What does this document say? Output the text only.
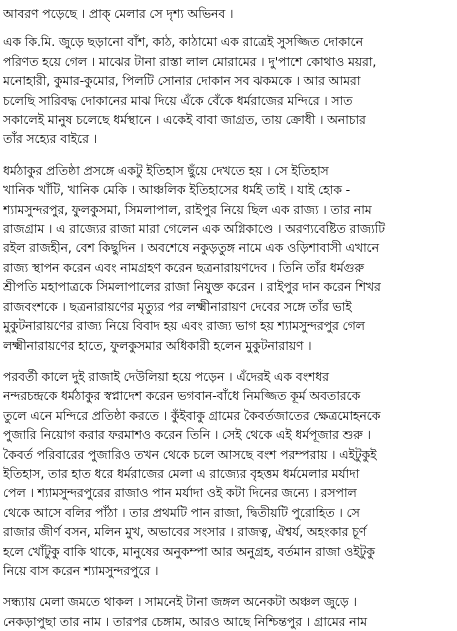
আবরণ পড়েছে । প্রাক্‌ মেলার সে দৃশ্য অভিনব ।

এক কি.মি. জুড়ে ছড়ানো বাঁশ, কাঠ, কাঠামো এক রাত্রেই সুসজ্জিত দোকানে
পরিণত হয়ে গেল । মাঝের টানা রাস্তা লাল মোরামের । দু'পাশে কোথাও ময়রা,
মনোহারী, কুমার-কুমোর, পিলটি সোনার দোকান সব ঝকমকে । আর আমরা
চলেছি সারিবদ্ধ দোকানের মাঝ দিয়ে এঁকে বেঁকে ধর্মরাজের মন্দিরে । সাত
সকালেই মানুষ চলেছে ধর্মস্থানে । একেই বাবা জাগ্রত, তায় ক্রোধী । অনাচার
তাঁর সহ্যের বাইরে ।

ধর্মঠাকুর প্রতিষ্ঠা প্রসঙ্গে একটু ইতিহাস ছুঁয়ে দেখতে হয় । সে ইতিহাস
খানিক খাঁটি, খানিক মেকি । আঞ্চলিক ইতিহাসের ধর্মই তাই । যাই হোক -
শ্যামসুন্দরপুর, ফুলকুসমা, সিমলাপাল, রাইপুর নিয়ে ছিল এক রাজ্য । তার নাম
রাজগ্রাম । এ রাজ্যের রাজা মারা গেলেন এক অগ্নিকাণ্ডে । অরণ্যবেষ্টিত রাজ্যটি
রইল রাজহীন, বেশ কিছুদিন । অবশেষে নকুড়তুঙ্গ নামে এক ওড়িশাবাসী এখানে
রাজ্য স্থাপন করেন এবং নামগ্রহণ করেন ছত্রনারায়ণদেব । তিনি তাঁর ধর্মগুরু
শ্রীপতি মহাপাত্রকে সিমলাপালের রাজা নিযুক্ত করেন । রাইপুর দান করেন শিখর
রাজবংশকে । ছত্রনারায়ণের মৃত্যুর পর লক্ষ্মীনারায়ণ দেবের সঙ্গে তাঁর ভাই
মুকুটনারায়ণের রাজ্য নিয়ে বিবাদ হয় এবং রাজ্য ভাগ হয় শ্যামসুন্দরপুর গেল
লক্ষ্মীনারায়ণের হাতে, ফুলকুসমার অধিকারী হলেন মুকুটনারায়ণ ।

পরবর্তী কালে দুই রাজাই দেউলিয়া হয়ে পড়েন । এঁদেরই এক বংশধর
নন্দরচন্দ্রকে ধর্মঠাকুর স্বপ্নাদেশ করেন ভগবান-বাঁধে নিমজ্জিত কূর্ম অবতারকে
তুলে এনে মন্দিরে প্রতিষ্ঠা করতে । কুঁইবাকু গ্রামের কৈবর্তজাতের ক্ষেত্রমোহনকে
পুজারি নিয়োগ করার ফরমাশও করেন তিনি । সেই থেকে এই ধর্মপূজার শুরু ।
কৈবর্ত পরিবারের পুজারিও তখন থেকে চলে আসছে বংশ পরম্পরায় । এইটুকুই
ইতিহাস, তার হাত ধরে ধর্মরাজের মেলা এ রাজ্যের বৃহত্তম ধর্মমেলার মর্যাদা
পেল । শ্যামসুন্দরপুরের রাজাও পান মর্যাদা ওই কটা দিনের জন্যে । রসপাল
থেকে আসে বলির পাঁঠা । তার প্রথমটি পান রাজা, দ্বিতীয়টি পুরোহিত । সে
রাজার জীর্ণ বসন, মলিন মুখ, অভাবের সংসার । রাজত্ব, ঐশ্বর্য, অহংকার চূর্ণ
হলে খোঁটুকু বাকি থাকে, মানুষের অনুকম্পা আর অনুগ্রহ, বর্তমান রাজা ওইটুকু
নিয়ে বাস করেন শ্যামসুন্দরপুরে ।

সন্ধ্যায় মেলা জমতে থাকল । সামনেই টানা জঙ্গল অনেকটা অঞ্চল জুড়ে ।
নেকড়াপুছা তার নাম । তারপর চেঙ্গাম, আরও আছে নিশ্চিন্তপুর । গ্রামের নাম
